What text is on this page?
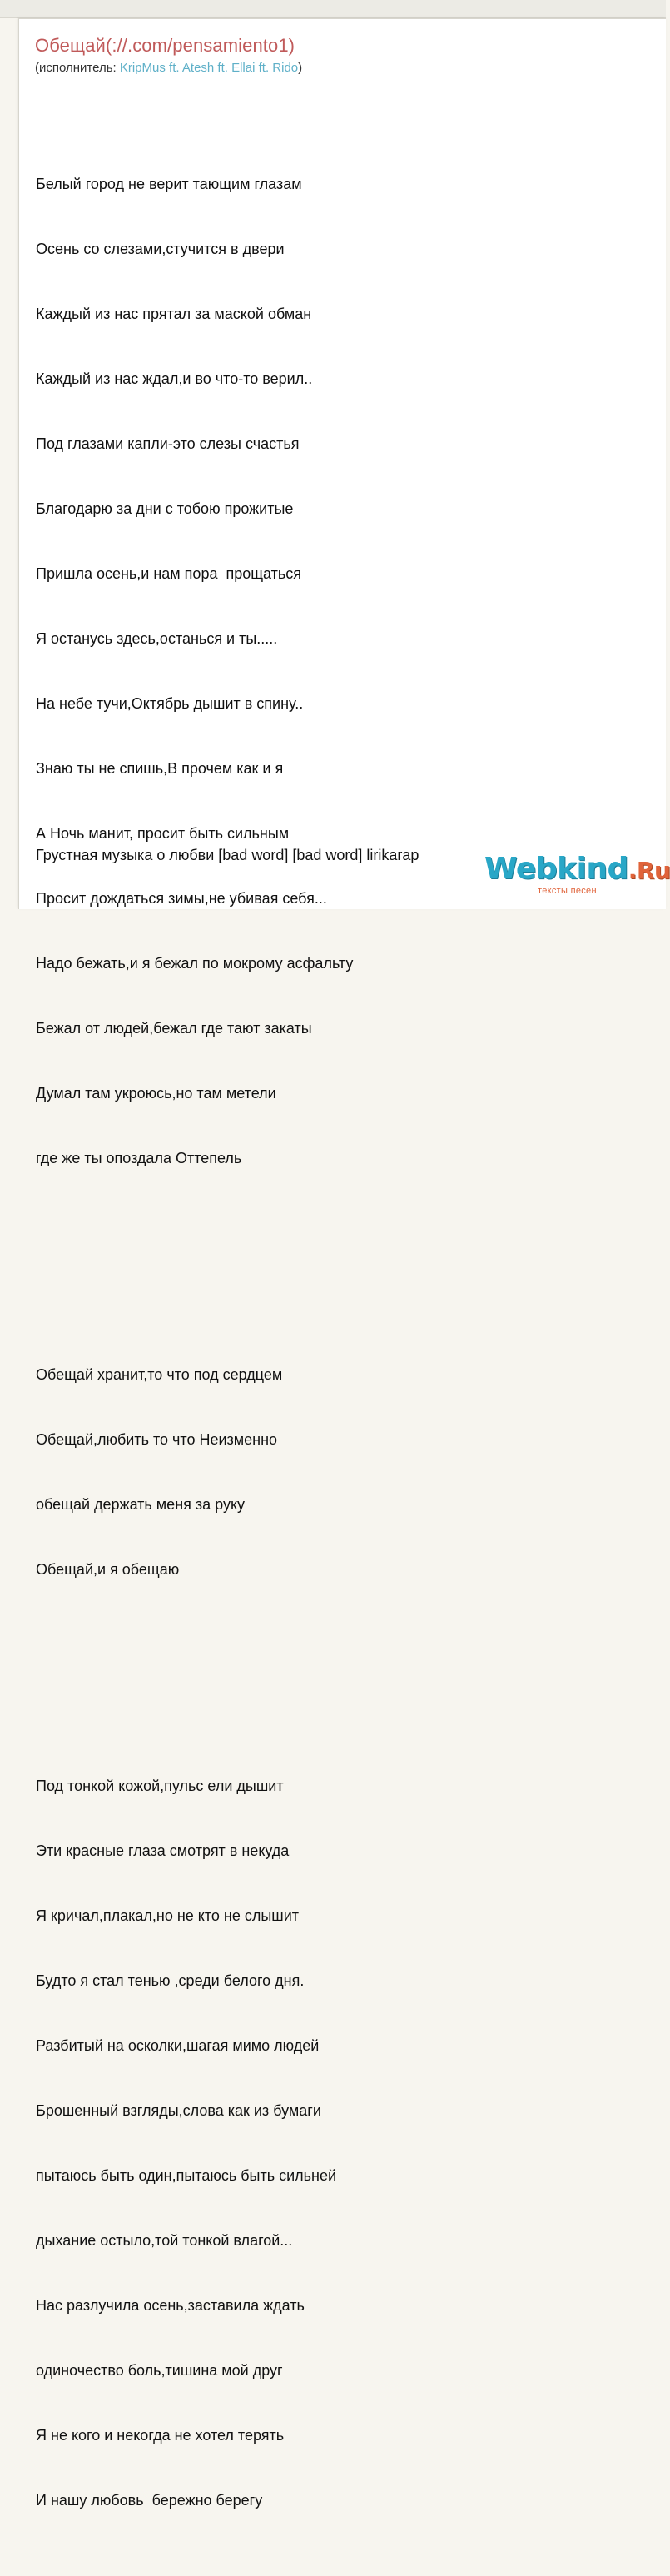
Обещай(://.com/pensamiento1)
(исполнитель: KripMus ft. Atesh ft. Ellai ft. Rido)

Белый город не верит тающим глазам

Осень со слезами,стучится в двери

Каждый из нас прятал за маской обман

Каждый из нас ждал,и во что-то верил..

Под глазами капли-это слезы счастья

Благодарю за дни с тобою прожитые

Пришла осень,и нам пора  прощаться

Я останусь здесь,останься и ты.....

На небе тучи,Октябрь дышит в спину..

Знаю ты не спишь,В прочем как и я

А Ночь манит, просит быть сильным

Просит дождаться зимы,не убивая себя...

Надо бежать,и я бежал по мокрому асфальту

Бежал от людей,бежал где тают закаты

Думал там укроюсь,но там метели

где же ты опоздала Оттепель

Обещай хранит,то что под сердцем

Обещай,любить то что Неизменно

обещай держать меня за руку

Обещай,и я обещаю

Под тонкой кожой,пульс ели дышит

Эти красные глаза смотрят в некуда

Я кричал,плакал,но не кто не слышит

Будто я стал тенью ,среди белого дня.

Разбитый на осколки,шагая мимо людей

Брошенный взгляды,слова как из бумаги

пытаюсь быть один,пытаюсь быть сильней

дыхание остыло,той тонкой влагой...

Нас разлучила осень,заставила ждать

одиночество боль,тишина мой друг

Я не кого и некогда не хотел терять

И нашу любовь  бережно берегу

Грустная музыка о любви [bad word] [bad word] lirikarap Webkind.Ru
тексты песен
